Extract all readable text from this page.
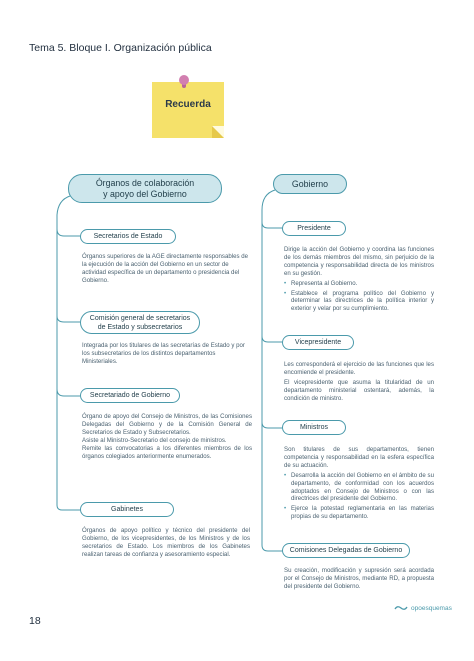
Tema 5. Bloque I. Organización pública
Recuerda
Órganos de colaboración
y apoyo del Gobierno
Secretarios de Estado
Órganos superiores de la AGE directamente responsables de la ejecución de la acción del Gobierno en un sector de actividad específica de un departamento o presidencia del Gobierno.
Comisión general de secretarios
de Estado y subsecretarios
Integrada por los titulares de las secretarías de Estado y por los subsecretarios de los distintos departamentos Ministeriales.
Secretariado de Gobierno

Órgano de apoyo del Consejo de Ministros, de las Comisiones Delegadas del Gobierno y de la Comisión General de Secretarios de Estado y Subsecretarios.

Asiste al Ministro-Secretario del consejo de ministros.

Remite las convocatorias a los diferentes miembros de los órganos colegiados anteriormente enumerados.

Gabinetes
Órganos de apoyo político y técnico del presidente del Gobierno, de los vicepresidentes, de los Ministros y de los secretarios de Estado. Los miembros de los Gabinetes realizan tareas de confianza y asesoramiento especial.
Gobierno
Presidente

Dirige la acción del Gobierno y coordina las funciones de los demás miembros del mismo, sin perjuicio de la competencia y responsabilidad directa de los ministros en su gestión.

• Representa al Gobierno.

• Establece el programa político del Gobierno y determinar las directrices de la política interior y exterior y velar por su cumplimiento.

Vicepresidente

Les corresponderá el ejercicio de las funciones que les encomiende el presidente.

El vicepresidente que asuma la titularidad de un departamento ministerial ostentará, además, la condición de ministro.

Ministros

Son titulares de sus departamentos, tienen competencia y responsabilidad en la esfera específica de su actuación.

• Desarrolla la acción del Gobierno en el ámbito de su departamento, de conformidad con los acuerdos adoptados en Consejo de Ministros o con las directrices del presidente del Gobierno.

• Ejerce la potestad reglamentaria en las materias propias de su departamento.

Comisiones Delegadas de Gobierno
Su creación, modificación y supresión será acordada por el Consejo de Ministros, mediante RD, a propuesta del presidente del Gobierno.
18
opoesquemas
